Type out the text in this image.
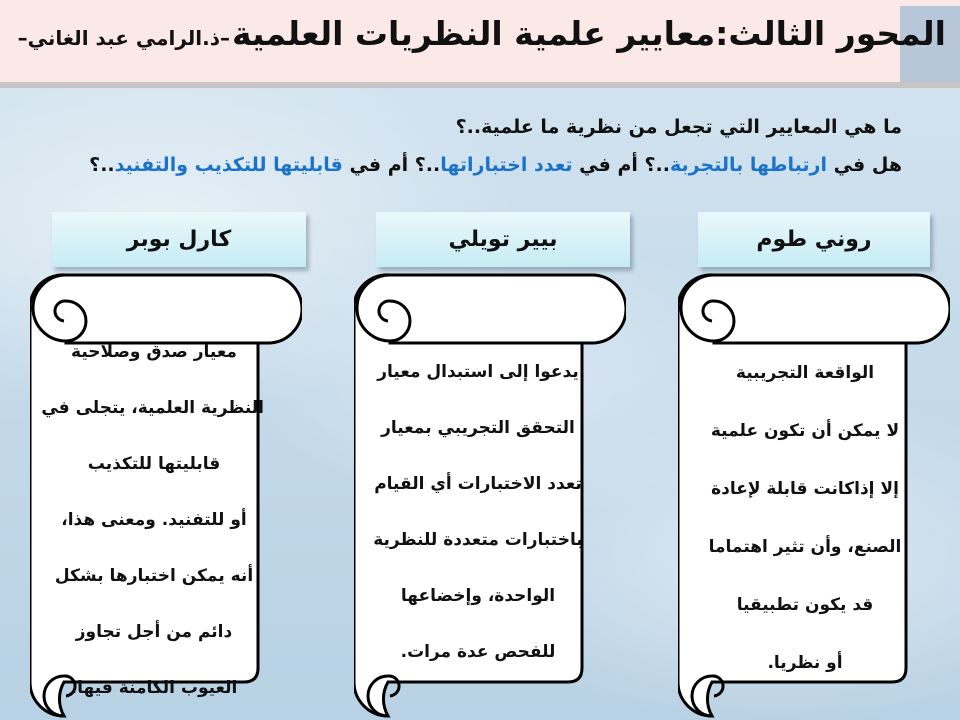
المحور الثالث:معايير علمية النظريات العلمية
–ذ.الرامي عبد الغاني–
ما هي المعايير التي تجعل من نظرية ما علمية..؟
هل في ارتباطها بالتجربة..؟ أم في تعدد اختباراتها..؟ أم في قابليتها للتكذيب والتفنيد..؟
روني طوم
بيير تويلي
كارل بوبر
الواقعة التجريبية
لا يمكن أن تكون علمية
إلا إذاكانت قابلة لإعادة
الصنع، وأن تثير اهتماما
قد يكون تطبيقيا
أو نظريا.
يدعوا إلى استبدال معيار
التحقق التجريبي بمعيار
تعدد الاختبارات أي القيام
باختبارات متعددة للنظرية
الواحدة، وإخضاعها
للفحص عدة مرات.
معيار صدق وصلاحية
النظرية العلمية، يتجلى في
قابليتها للتكذيب
أو للتفنيد. ومعنى هذا،
أنه يمكن اختبارها بشكل
دائم من أجل تجاوز
العيوب الكامنة فيها.
